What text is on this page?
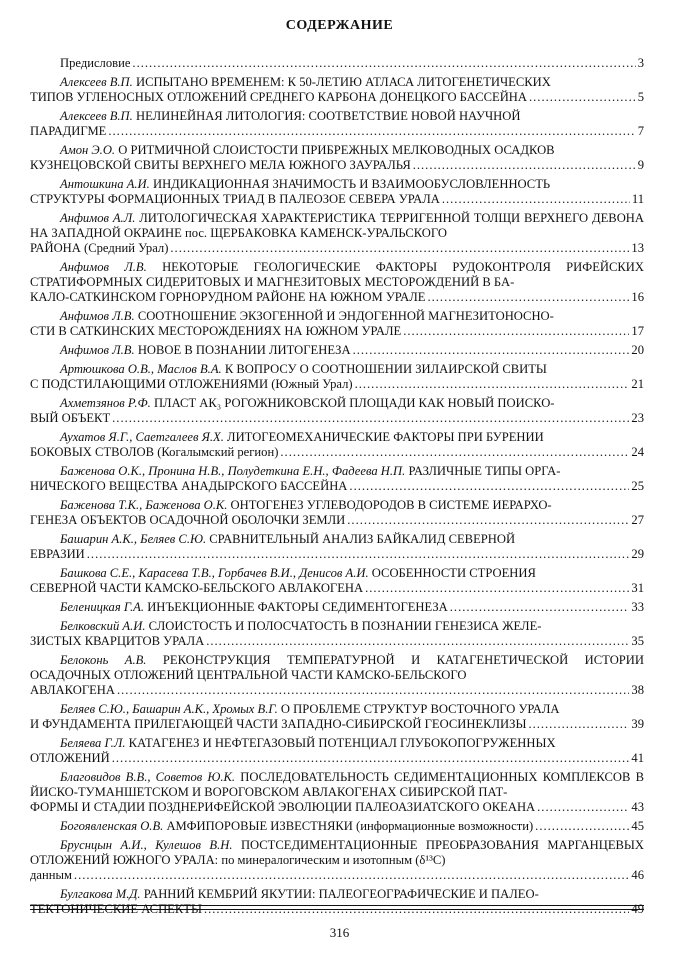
СОДЕРЖАНИЕ
Предисловие .....	3
Алексеев В.П. ИСПЫТАНО ВРЕМЕНЕМ: К 50-ЛЕТИЮ АТЛАСА ЛИТОГЕНЕТИЧЕСКИХ
ТИПОВ УГЛЕНОСНЫХ ОТЛОЖЕНИЙ СРЕДНЕГО КАРБОНА ДОНЕЦКОГО БАССЕЙНА .....	5
Алексеев В.П. НЕЛИНЕЙНАЯ ЛИТОЛОГИЯ: СООТВЕТСТВИЕ НОВОЙ НАУЧНОЙ
ПАРАДИГМЕ .....	7
Амон Э.О. О РИТМИЧНОЙ СЛОИСТОСТИ ПРИБРЕЖНЫХ МЕЛКОВОДНЫХ ОСАДКОВ
КУЗНЕЦОВСКОЙ СВИТЫ ВЕРХНЕГО МЕЛА ЮЖНОГО ЗАУРАЛЬЯ .....	9
Антошкина А.И. ИНДИКАЦИОННАЯ ЗНАЧИМОСТЬ И ВЗАИМООБУСЛОВЛЕННОСТЬ
СТРУКТУРЫ ФОРМАЦИОННЫХ ТРИАД В ПАЛЕОЗОЕ СЕВЕРА УРАЛА .....	11
Анфимов А.Л. ЛИТОЛОГИЧЕСКАЯ ХАРАКТЕРИСТИКА ТЕРРИГЕННОЙ ТОЛЩИ ВЕРХНЕГО ДЕВОНА НА ЗАПАДНОЙ ОКРАИНЕ пос. ЩЕРБАКОВКА КАМЕНСК-УРАЛЬСКОГО
РАЙОНА (Средний Урал) .....	13
Анфимов Л.В. НЕКОТОРЫЕ ГЕОЛОГИЧЕСКИЕ ФАКТОРЫ РУДОКОНТРОЛЯ РИФЕЙСКИХ СТРАТИФОРМНЫХ СИДЕРИТОВЫХ И МАГНЕЗИТОВЫХ МЕСТОРОЖДЕНИЙ В БА-
КАЛО-САТКИНСКОМ ГОРНОРУДНОМ РАЙОНЕ НА ЮЖНОМ УРАЛЕ .....	16
Анфимов Л.В. СООТНОШЕНИЕ ЭКЗОГЕННОЙ И ЭНДОГЕННОЙ МАГНЕЗИТОНОСНО-
СТИ В САТКИНСКИХ МЕСТОРОЖДЕНИЯХ НА ЮЖНОМ УРАЛЕ .....	17
Анфимов Л.В. НОВОЕ В ПОЗНАНИИ ЛИТОГЕНЕЗА .....	20
Артюшкова О.В., Маслов В.А. К ВОПРОСУ О СООТНОШЕНИИ ЗИЛАИРСКОЙ СВИТЫ
С ПОДСТИЛАЮЩИМИ ОТЛОЖЕНИЯМИ (Южный Урал) .....	21
Ахметзянов Р.Ф. ПЛАСТ АК₃ РОГОЖНИКОВСКОЙ ПЛОЩАДИ КАК НОВЫЙ ПОИСКО-
ВЫЙ ОБЪЕКТ .....	23
Аухатов Я.Г., Саетгалеев Я.Х. ЛИТОГЕОМЕХАНИЧЕСКИЕ ФАКТОРЫ ПРИ БУРЕНИИ
БОКОВЫХ СТВОЛОВ (Когалымский регион) .....	24
Баженова О.К., Пронина Н.В., Полудеткина Е.Н., Фадеева Н.П. РАЗЛИЧНЫЕ ТИПЫ ОРГА-
НИЧЕСКОГО ВЕЩЕСТВА АНАДЫРСКОГО БАССЕЙНА .....	25
Баженова Т.К., Баженова О.К. ОНТОГЕНЕЗ УГЛЕВОДОРОДОВ В СИСТЕМЕ ИЕРАРХО-
ГЕНЕЗА ОБЪЕКТОВ ОСАДОЧНОЙ ОБОЛОЧКИ ЗЕМЛИ .....	27
Башарин А.К., Беляев С.Ю. СРАВНИТЕЛЬНЫЙ АНАЛИЗ БАЙКАЛИД СЕВЕРНОЙ
ЕВРАЗИИ .....	29
Башкова С.Е., Карасева Т.В., Горбачев В.И., Денисов А.И. ОСОБЕННОСТИ СТРОЕНИЯ
СЕВЕРНОЙ ЧАСТИ КАМСКО-БЕЛЬСКОГО АВЛАКОГЕНА .....	31
Беленицкая Г.А. ИНЪЕКЦИОННЫЕ ФАКТОРЫ СЕДИМЕНТОГЕНЕЗА .....	33
Белковский А.И. СЛОИСТОСТЬ И ПОЛОСЧАТОСТЬ В ПОЗНАНИИ ГЕНЕЗИСА ЖЕЛЕ-
ЗИСТЫХ КВАРЦИТОВ УРАЛА .....	35
Белоконь А.В. РЕКОНСТРУКЦИЯ ТЕМПЕРАТУРНОЙ И КАТАГЕНЕТИЧЕСКОЙ ИСТОРИИ ОСАДОЧНЫХ ОТЛОЖЕНИЙ ЦЕНТРАЛЬНОЙ ЧАСТИ КАМСКО-БЕЛЬСКОГО
АВЛАКОГЕНА .....	38
Беляев С.Ю., Башарин А.К., Хромых В.Г. О ПРОБЛЕМЕ СТРУКТУР ВОСТОЧНОГО УРАЛА
И ФУНДАМЕНТА ПРИЛЕГАЮЩЕЙ ЧАСТИ ЗАПАДНО-СИБИРСКОЙ ГЕОСИНЕКЛИЗЫ .....	39
Беляева Г.Л. КАТАГЕНЕЗ И НЕФТЕГАЗОВЫЙ ПОТЕНЦИАЛ ГЛУБОКОПОГРУЖЕННЫХ
ОТЛОЖЕНИЙ .....	41
Благовидов В.В., Советов Ю.К. ПОСЛЕДОВАТЕЛЬНОСТЬ СЕДИМЕНТАЦИОННЫХ КОМПЛЕКСОВ В ЙИСКО-ТУМАНШЕТСКОМ И ВОРОГОВСКОМ АВЛАКОГЕНАХ СИБИРСКОЙ ПАТ-
ФОРМЫ И СТАДИИ ПОЗДНЕРИФЕЙСКОЙ ЭВОЛЮЦИИ ПАЛЕОАЗИАТСКОГО ОКЕАНА .....	43
Богоявленская О.В. АМФИПОРОВЫЕ ИЗВЕСТНЯКИ (информационные возможности) .....	45
Бруснцын А.И., Кулешов В.Н. ПОСТСЕДИМЕНТАЦИОННЫЕ ПРЕОБРАЗОВАНИЯ МАРГАНЦЕВЫХ ОТЛОЖЕНИЙ ЮЖНОГО УРАЛА: по минералогическим и изотопным (δ¹³C)
данным .....	46
Булгакова М.Д. РАННИЙ КЕМБРИЙ ЯКУТИИ: ПАЛЕОГЕОГРАФИЧЕСКИЕ И ПАЛЕО-
ТЕКТОНИЧЕСКИЕ АСПЕКТЫ .....	49
316
